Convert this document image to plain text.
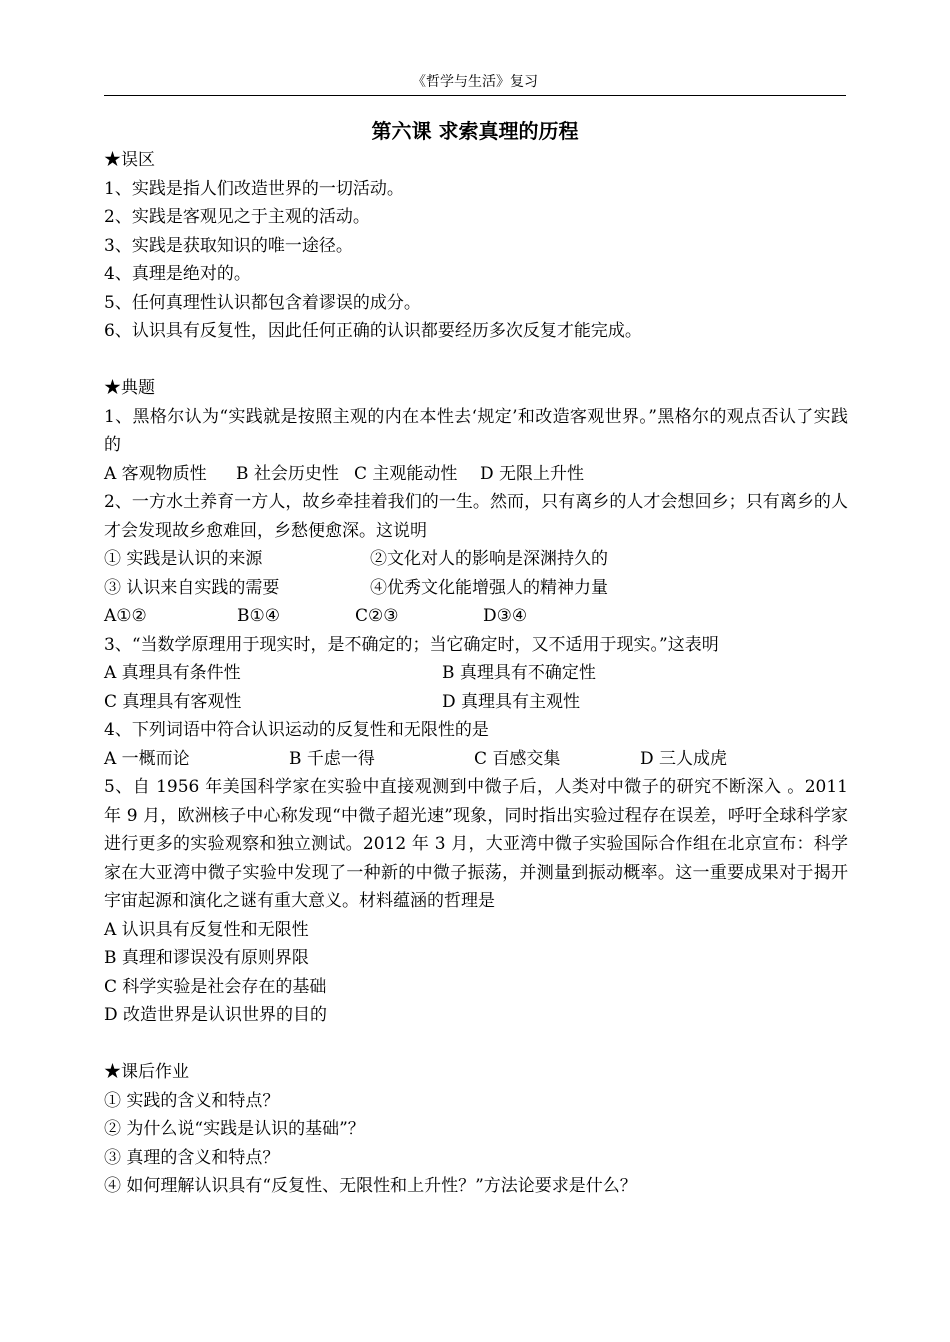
《哲学与生活》复习
第六课 求索真理的历程
★误区
1、实践是指人们改造世界的一切活动。
2、实践是客观见之于主观的活动。
3、实践是获取知识的唯一途径。
4、真理是绝对的。
5、任何真理性认识都包含着谬误的成分。
6、认识具有反复性，因此任何正确的认识都要经历多次反复才能完成。
★典题
1、黑格尔认为“实践就是按照主观的内在本性去‘规定’和改造客观世界。”黑格尔的观点否认了实践的
A 客观物质性 B 社会历史性 C 主观能动性 D 无限上升性
2、一方水土养育一方人，故乡牵挂着我们的一生。然而，只有离乡的人才会想回乡；只有离乡的人才会发现故乡愈难回，乡愁便愈深。这说明
① 实践是认识的来源	②文化对人的影响是深渊持久的
③ 认识来自实践的需要	④优秀文化能增强人的精神力量
A①②	B①④	C②③	D③④
3、“当数学原理用于现实时，是不确定的；当它确定时，又不适用于现实。”这表明
A 真理具有条件性	B 真理具有不确定性
C 真理具有客观性	D 真理具有主观性
4、下列词语中符合认识运动的反复性和无限性的是
A 一概而论	B 千虑一得	C 百感交集	D 三人成虎
5、自 1956 年美国科学家在实验中直接观测到中微子后，人类对中微子的研究不断深入 。2011 年 9 月，欧洲核子中心称发现“中微子超光速”现象，同时指出实验过程存在误差，呼吁全球科学家进行更多的实验观察和独立测试。2012 年 3 月，大亚湾中微子实验国际合作组在北京宣布：科学家在大亚湾中微子实验中发现了一种新的中微子振荡，并测量到振动概率。这一重要成果对于揭开宇宙起源和演化之谜有重大意义。材料蕴涵的哲理是
A 认识具有反复性和无限性
B 真理和谬误没有原则界限
C 科学实验是社会存在的基础
D 改造世界是认识世界的目的
★课后作业
① 实践的含义和特点？
② 为什么说“实践是认识的基础”？
③ 真理的含义和特点？
④ 如何理解认识具有“反复性、无限性和上升性？”方法论要求是什么？
